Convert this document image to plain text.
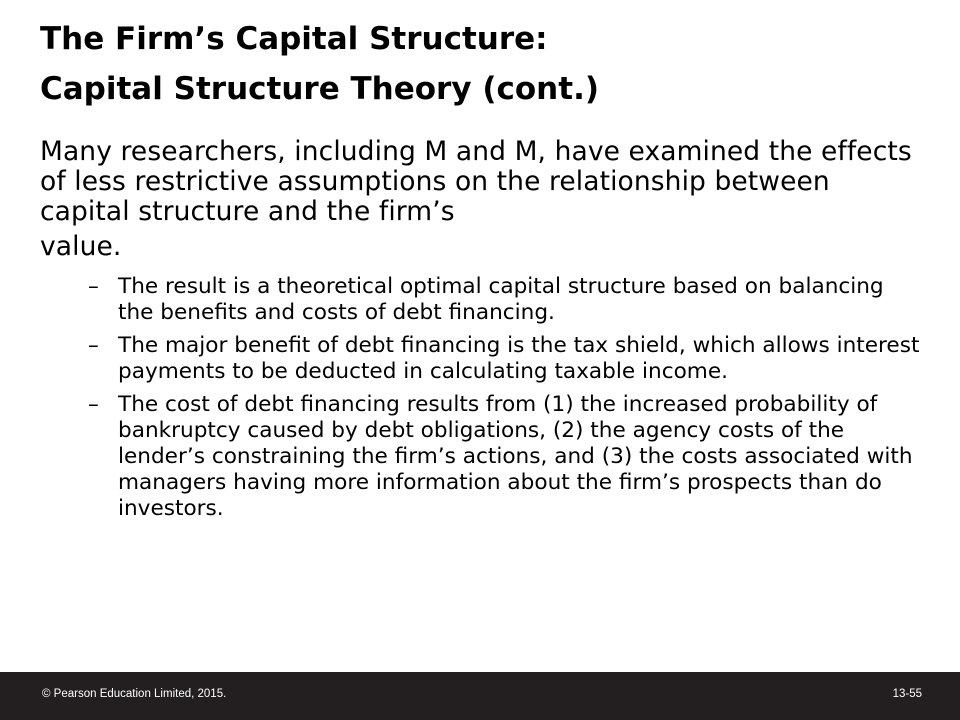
The Firm’s Capital Structure:
Capital Structure Theory (cont.)

Many researchers, including M and M, have examined the effects of less restrictive assumptions on the relationship between capital structure and the firm’s
value.

– The result is a theoretical optimal capital structure based on balancing the benefits and costs of debt financing.
– The major benefit of debt financing is the tax shield, which allows interest payments to be deducted in calculating taxable income.
– The cost of debt financing results from (1) the increased probability of bankruptcy caused by debt obligations, (2) the agency costs of the lender’s constraining the firm’s actions, and (3) the costs associated with managers having more information about the firm’s prospects than do investors.
© Pearson Education Limited, 2015.	13-55
